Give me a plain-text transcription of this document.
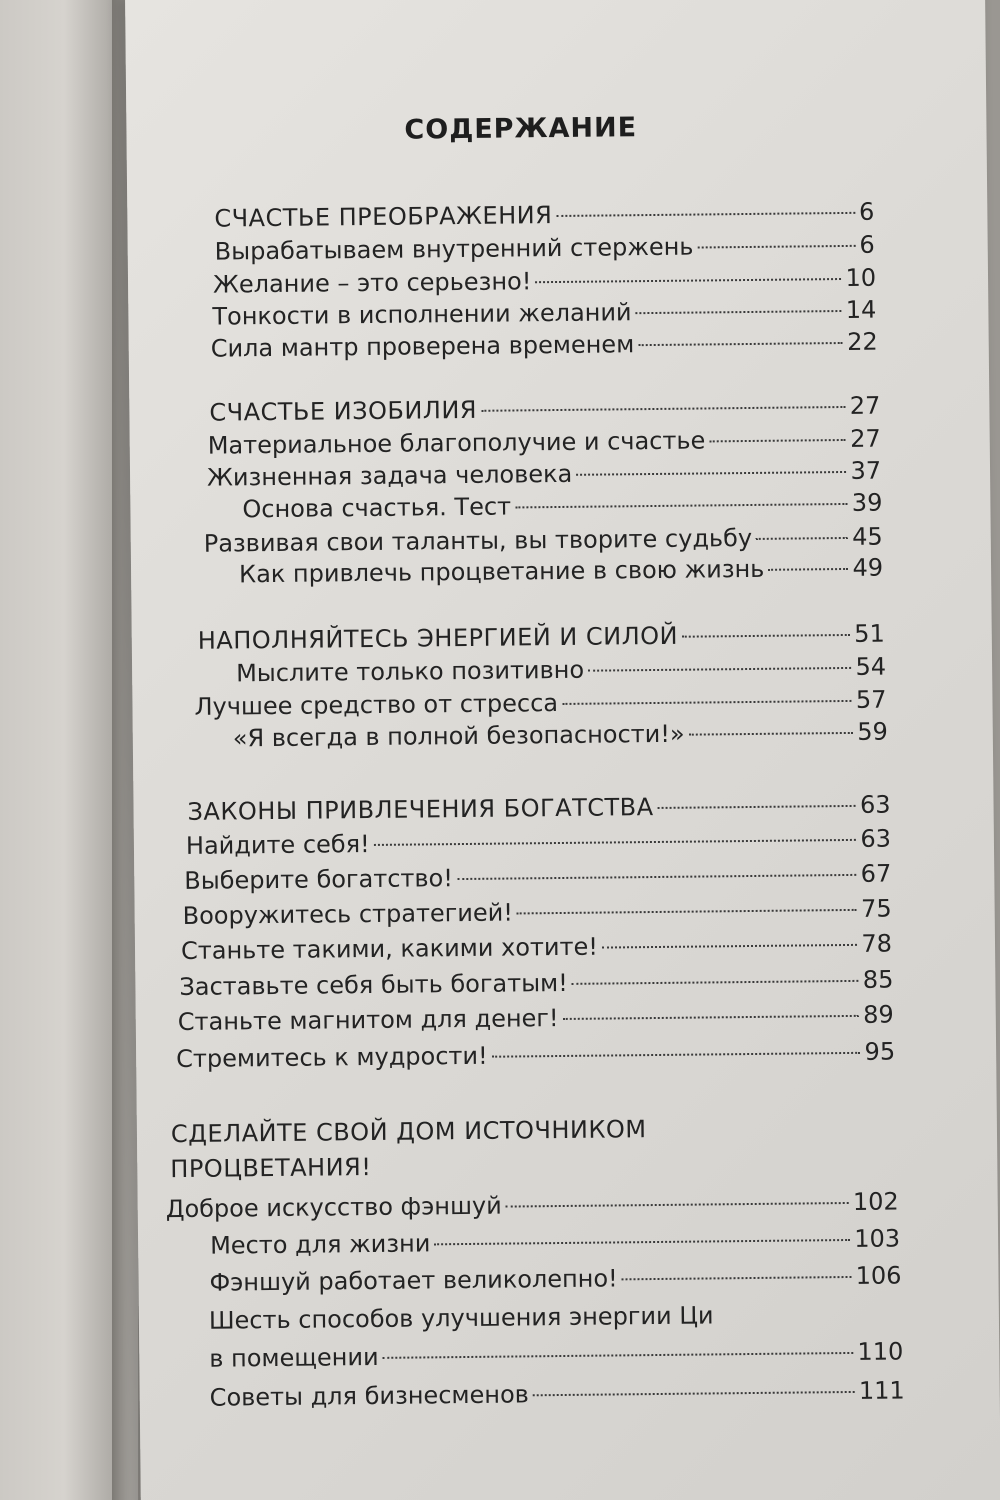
СОДЕРЖАНИЕ
СЧАСТЬЕ ПРЕОБРАЖЕНИЯ	6
Вырабатываем внутренний стержень	6
Желание – это серьезно!	10
Тонкости в исполнении желаний	14
Сила мантр проверена временем	22
СЧАСТЬЕ ИЗОБИЛИЯ	27
Материальное благополучие и счастье	27
Жизненная задача человека	37
Основа счастья. Тест	39
Развивая свои таланты, вы творите судьбу	45
Как привлечь процветание в свою жизнь	49
НАПОЛНЯЙТЕСЬ ЭНЕРГИЕЙ И СИЛОЙ	51
Мыслите только позитивно	54
Лучшее средство от стресса	57
«Я всегда в полной безопасности!»	59
ЗАКОНЫ ПРИВЛЕЧЕНИЯ БОГАТСТВА	63
Найдите себя!	63
Выберите богатство!	67
Вооружитесь стратегией!	75
Станьте такими, какими хотите!	78
Заставьте себя быть богатым!	85
Станьте магнитом для денег!	89
Стремитесь к мудрости!	95
СДЕЛАЙТЕ СВОЙ ДОМ ИСТОЧНИКОМ
ПРОЦВЕТАНИЯ!
Доброе искусство фэншуй	102
Место для жизни	103
Фэншуй работает великолепно!	106
Шесть способов улучшения энергии Ци
в помещении	110
Советы для бизнесменов	111
